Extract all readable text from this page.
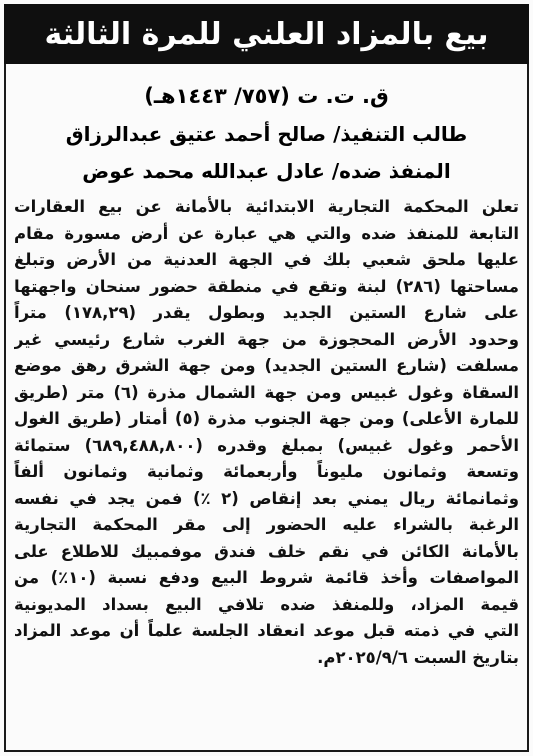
بيع بالمزاد العلني للمرة الثالثة
ق. ت. ت (٧٥٧/ ١٤٤٣هـ)
طالب التنفيذ/ صالح أحمد عتيق عبدالرزاق
المنفذ ضده/ عادل عبدالله محمد عوض
تعلن المحكمة التجارية الابتدائية بالأمانة عن بيع العقارات
التابعة للمنفذ ضده والتي هي عبارة عن أرض مسورة مقام
عليها ملحق شعبي بلك في الجهة العدنية من الأرض وتبلغ
مساحتها (٢٨٦) لبنة وتقع في منطقة حضور سنحان واجهتها
على شارع الستين الجديد وبطول يقدر (١٧٨,٢٩) متراً
وحدود الأرض المحجوزة من جهة الغرب شارع رئيسي غير
مسلفت (شارع الستين الجديد) ومن جهة الشرق رهق موضع
السقاة وغول غبيس ومن جهة الشمال مذرة (٦) متر (طريق
للمارة الأعلى) ومن جهة الجنوب مذرة (٥) أمتار (طريق الغول
الأحمر وغول غبيس) بمبلغ وقدره (٦٨٩,٤٨٨,٨٠٠) ستمائة
وتسعة وثمانون مليوناً وأربعمائة وثمانية وثمانون ألفاً
وثمانمائة ريال يمني بعد إنقاص (٢ ٪) فمن يجد في نفسه
الرغبة بالشراء عليه الحضور إلى مقر المحكمة التجارية
بالأمانة الكائن في نقم خلف فندق موفمبيك للاطلاع على
المواصفات وأخذ قائمة شروط البيع ودفع نسبة (١٠٪) من
قيمة المزاد، وللمنفذ ضده تلافي البيع بسداد المديونية
التي في ذمته قبل موعد انعقاد الجلسة علماً أن موعد المزاد
بتاريخ السبت ٢٠٢٥/٩/٦م.
